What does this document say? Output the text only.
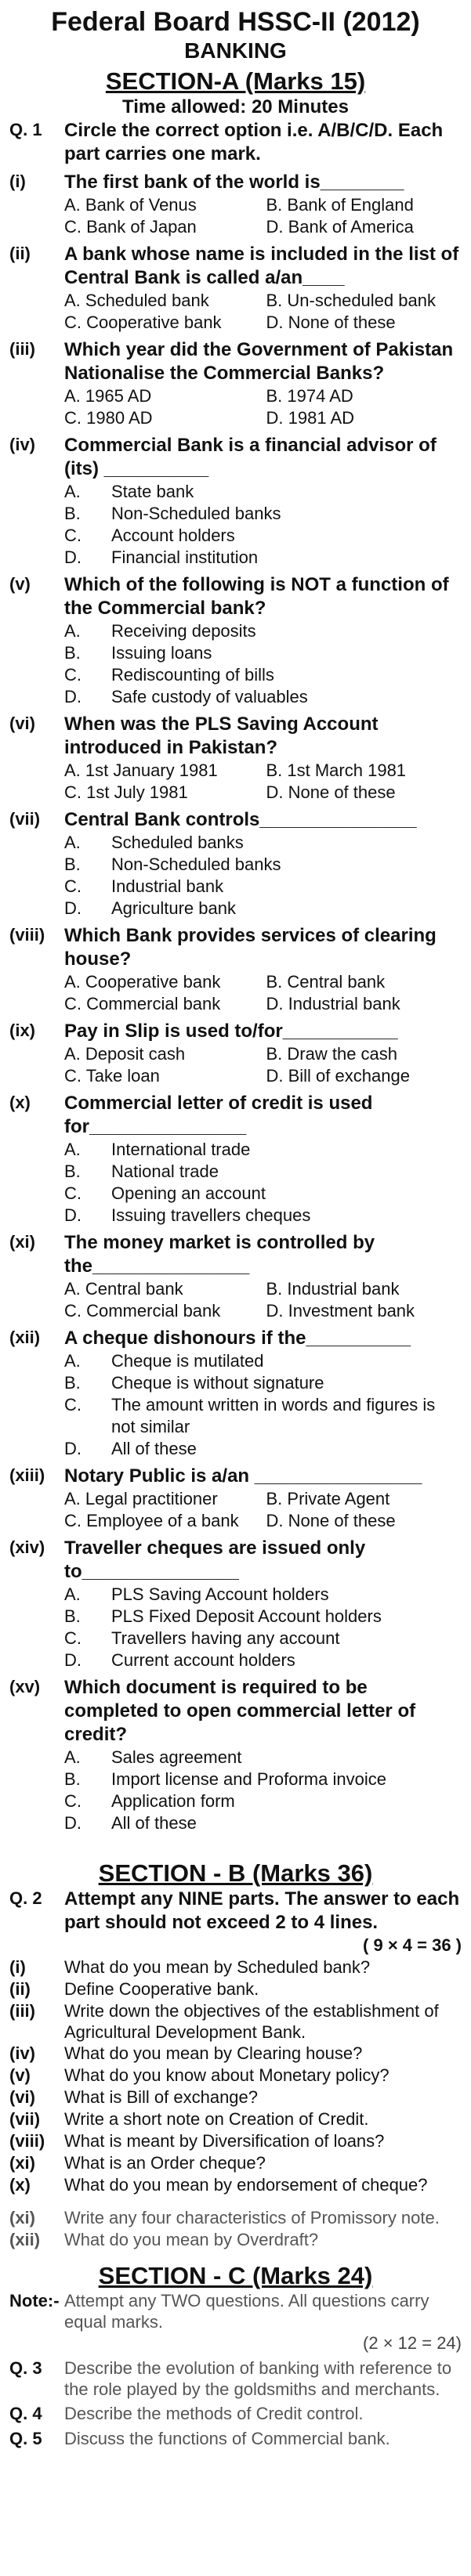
Federal Board HSSC-II (2012)
BANKING
SECTION-A (Marks 15)
Time allowed: 20 Minutes
Q. 1	Circle the correct option i.e. A/B/C/D. Each part carries one mark.
(i)	The first bank of the world is________
A. Bank of Venus	B. Bank of England
C. Bank of Japan	D. Bank of America
(ii)	A bank whose name is included in the list of Central Bank is called a/an____
A. Scheduled bank	B. Un-scheduled bank
C. Cooperative bank	D. None of these
(iii)	Which year did the Government of Pakistan Nationalise the Commercial Banks?
A. 1965 AD	B. 1974 AD
C. 1980 AD	D. 1981 AD
(iv)	Commercial Bank is a financial advisor of (its) __________
A.	State bank
B.	Non-Scheduled banks
C.	Account holders
D.	Financial institution
(v)	Which of the following is NOT a function of the Commercial bank?
A.	Receiving deposits
B.	Issuing loans
C.	Rediscounting of bills
D.	Safe custody of valuables
(vi)	When was the PLS Saving Account introduced in Pakistan?
A. 1st January 1981	B. 1st March 1981
C. 1st July 1981	D. None of these
(vii)	Central Bank controls_______________
A.	Scheduled banks
B.	Non-Scheduled banks
C.	Industrial bank
D.	Agriculture bank
(viii)	Which Bank provides services of clearing house?
A. Cooperative bank	B. Central bank
C. Commercial bank	D. Industrial bank
(ix)	Pay in Slip is used to/for___________
A. Deposit cash	B. Draw the cash
C. Take loan	D. Bill of exchange
(x)	Commercial letter of credit is used for_______________
A.	International trade
B.	National trade
C.	Opening an account
D.	Issuing travellers cheques
(xi)	The money market is controlled by the_______________
A. Central bank	B. Industrial bank
C. Commercial bank	D. Investment bank
(xii)	A cheque dishonours if the__________
A.	Cheque is mutilated
B.	Cheque is without signature
C.	The amount written in words and figures is not similar
D.	All of these
(xiii)	Notary Public is a/an ________________
A. Legal practitioner	B. Private Agent
C. Employee of a bank	D. None of these
(xiv)	Traveller cheques are issued only to_______________
A.	PLS Saving Account holders
B.	PLS Fixed Deposit Account holders
C.	Travellers having any account
D.	Current account holders
(xv)	Which document is required to be completed to open commercial letter of credit?
A.	Sales agreement
B.	Import license and Proforma invoice
C.	Application form
D.	All of these
SECTION - B (Marks 36)
Q. 2	Attempt any NINE parts. The answer to each part should not exceed 2 to 4 lines.
( 9 × 4 = 36 )
(i)	What do you mean by Scheduled bank?
(ii)	Define Cooperative bank.
(iii)	Write down the objectives of the establishment of Agricultural Development Bank.
(iv)	What do you mean by Clearing house?
(v)	What do you know about Monetary policy?
(vi)	What is Bill of exchange?
(vii)	Write a short note on Creation of Credit.
(viii)	What is meant by Diversification of loans?
(xi)	What is an Order cheque?
(x)	What do you mean by endorsement of cheque?
(xi)	Write any four characteristics of Promissory note.
(xii)	What do you mean by Overdraft?
SECTION - C (Marks 24)
Note:- Attempt any TWO questions. All questions carry equal marks.
(2 × 12 = 24)
Q. 3	Describe the evolution of banking with reference to the role played by the goldsmiths and merchants.
Q. 4	Describe the methods of Credit control.
Q. 5	Discuss the functions of Commercial bank.
